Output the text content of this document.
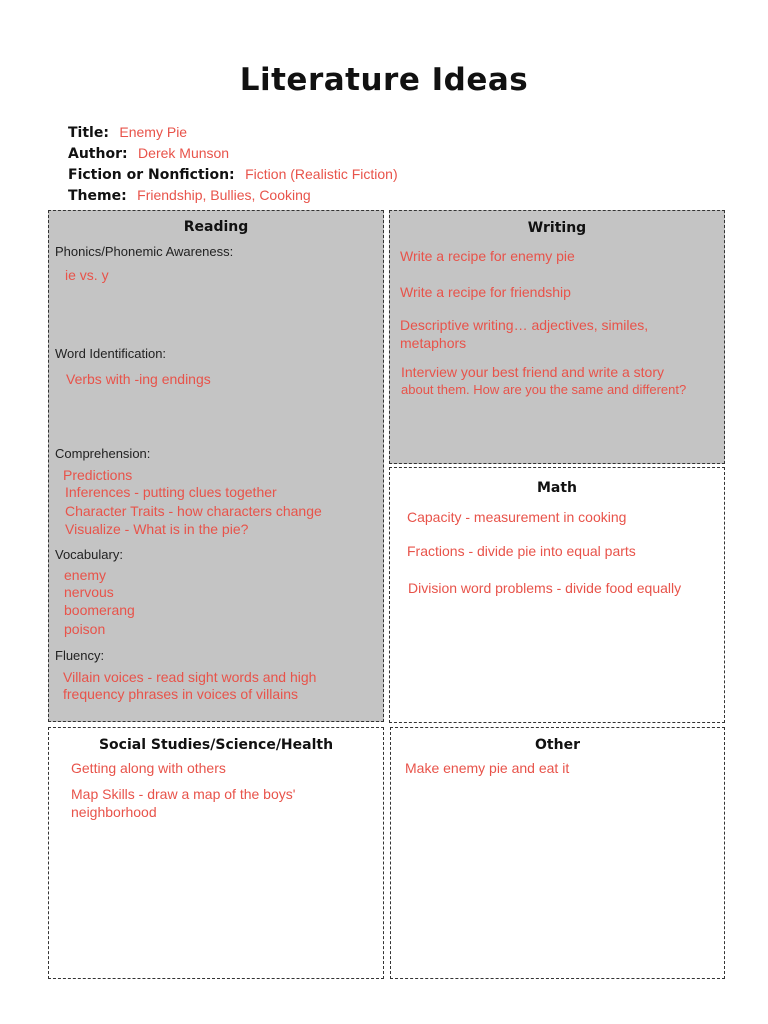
Literature Ideas
Title: Enemy Pie
Author: Derek Munson
Fiction or Nonfiction: Fiction (Realistic Fiction)
Theme: Friendship, Bullies, Cooking
Reading
Phonics/Phonemic Awareness:
ie vs. y
Word Identification:
Verbs with -ing endings
Comprehension:
Predictions
Inferences - putting clues together
Character Traits - how characters change
Visualize - What is in the pie?
Vocabulary:
enemy
nervous
boomerang
poison
Fluency:
Villain voices - read sight words and high
frequency phrases in voices of villains
Writing
Write a recipe for enemy pie
Write a recipe for friendship
Descriptive writing… adjectives, similes,
metaphors
Interview your best friend and write a story
about them. How are you the same and different?
Math
Capacity - measurement in cooking
Fractions - divide pie into equal parts
Division word problems - divide food equally
Social Studies/Science/Health
Getting along with others
Map Skills - draw a map of the boys'
neighborhood
Other
Make enemy pie and eat it
